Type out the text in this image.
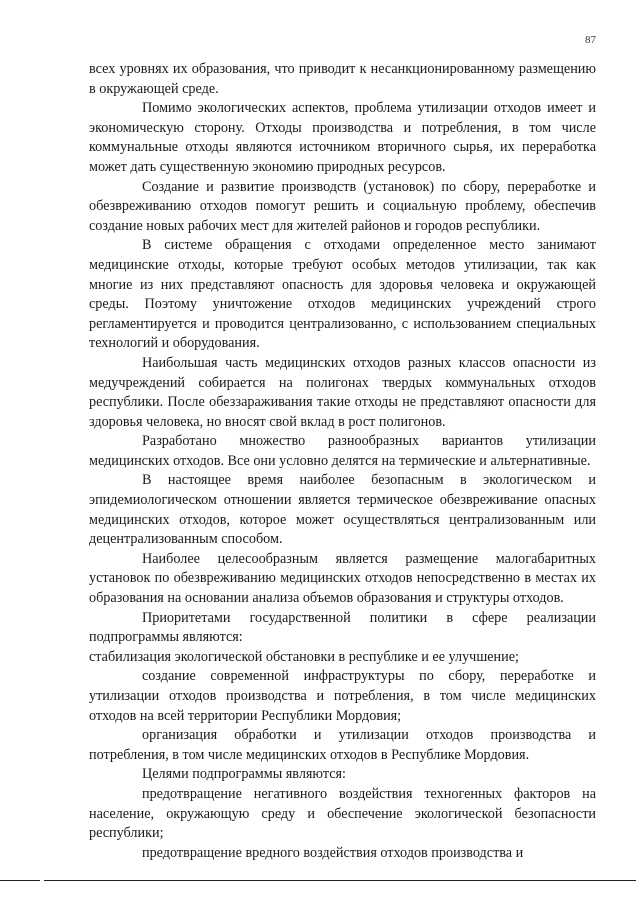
87

всех уровнях их образования, что приводит к несанкционированному размещению в окружающей среде.

Помимо экологических аспектов, проблема утилизации отходов имеет и экономическую сторону. Отходы производства и потребления, в том числе коммунальные отходы являются источником вторичного сырья, их переработка может дать существенную экономию природных ресурсов.

Создание и развитие производств (установок) по сбору, переработке и обезвреживанию отходов помогут решить и социальную проблему, обеспечив создание новых рабочих мест для жителей районов и городов республики.

В системе обращения с отходами определенное место занимают медицинские отходы, которые требуют особых методов утилизации, так как многие из них представляют опасность для здоровья человека и окружающей среды. Поэтому уничтожение отходов медицинских учреждений строго регламентируется и проводится централизованно, с использованием специальных технологий и оборудования.

Наибольшая часть медицинских отходов разных классов опасности из медучреждений собирается на полигонах твердых коммунальных отходов республики. После обеззараживания такие отходы не представляют опасности для здоровья человека, но вносят свой вклад в рост полигонов.

Разработано множество разнообразных вариантов утилизации медицинских отходов. Все они условно делятся на термические и альтернативные.

В настоящее время наиболее безопасным в экологическом и эпидемиологическом отношении является термическое обезвреживание опасных медицинских отходов, которое может осуществляться централизованным или децентрализованным способом.

Наиболее целесообразным является размещение малогабаритных установок по обезвреживанию медицинских отходов непосредственно в местах их образования на основании анализа объемов образования и структуры отходов.

Приоритетами государственной политики в сфере реализации подпрограммы являются:

стабилизация экологической обстановки в республике и ее улучшение;

создание современной инфраструктуры по сбору, переработке и утилизации отходов производства и потребления, в том числе медицинских отходов на всей территории Республики Мордовия;

организация обработки и утилизации отходов производства и потребления, в том числе медицинских отходов в Республике Мордовия.

Целями подпрограммы являются:

предотвращение негативного воздействия техногенных факторов на население, окружающую среду и обеспечение экологической безопасности республики;

предотвращение вредного воздействия отходов производства и
